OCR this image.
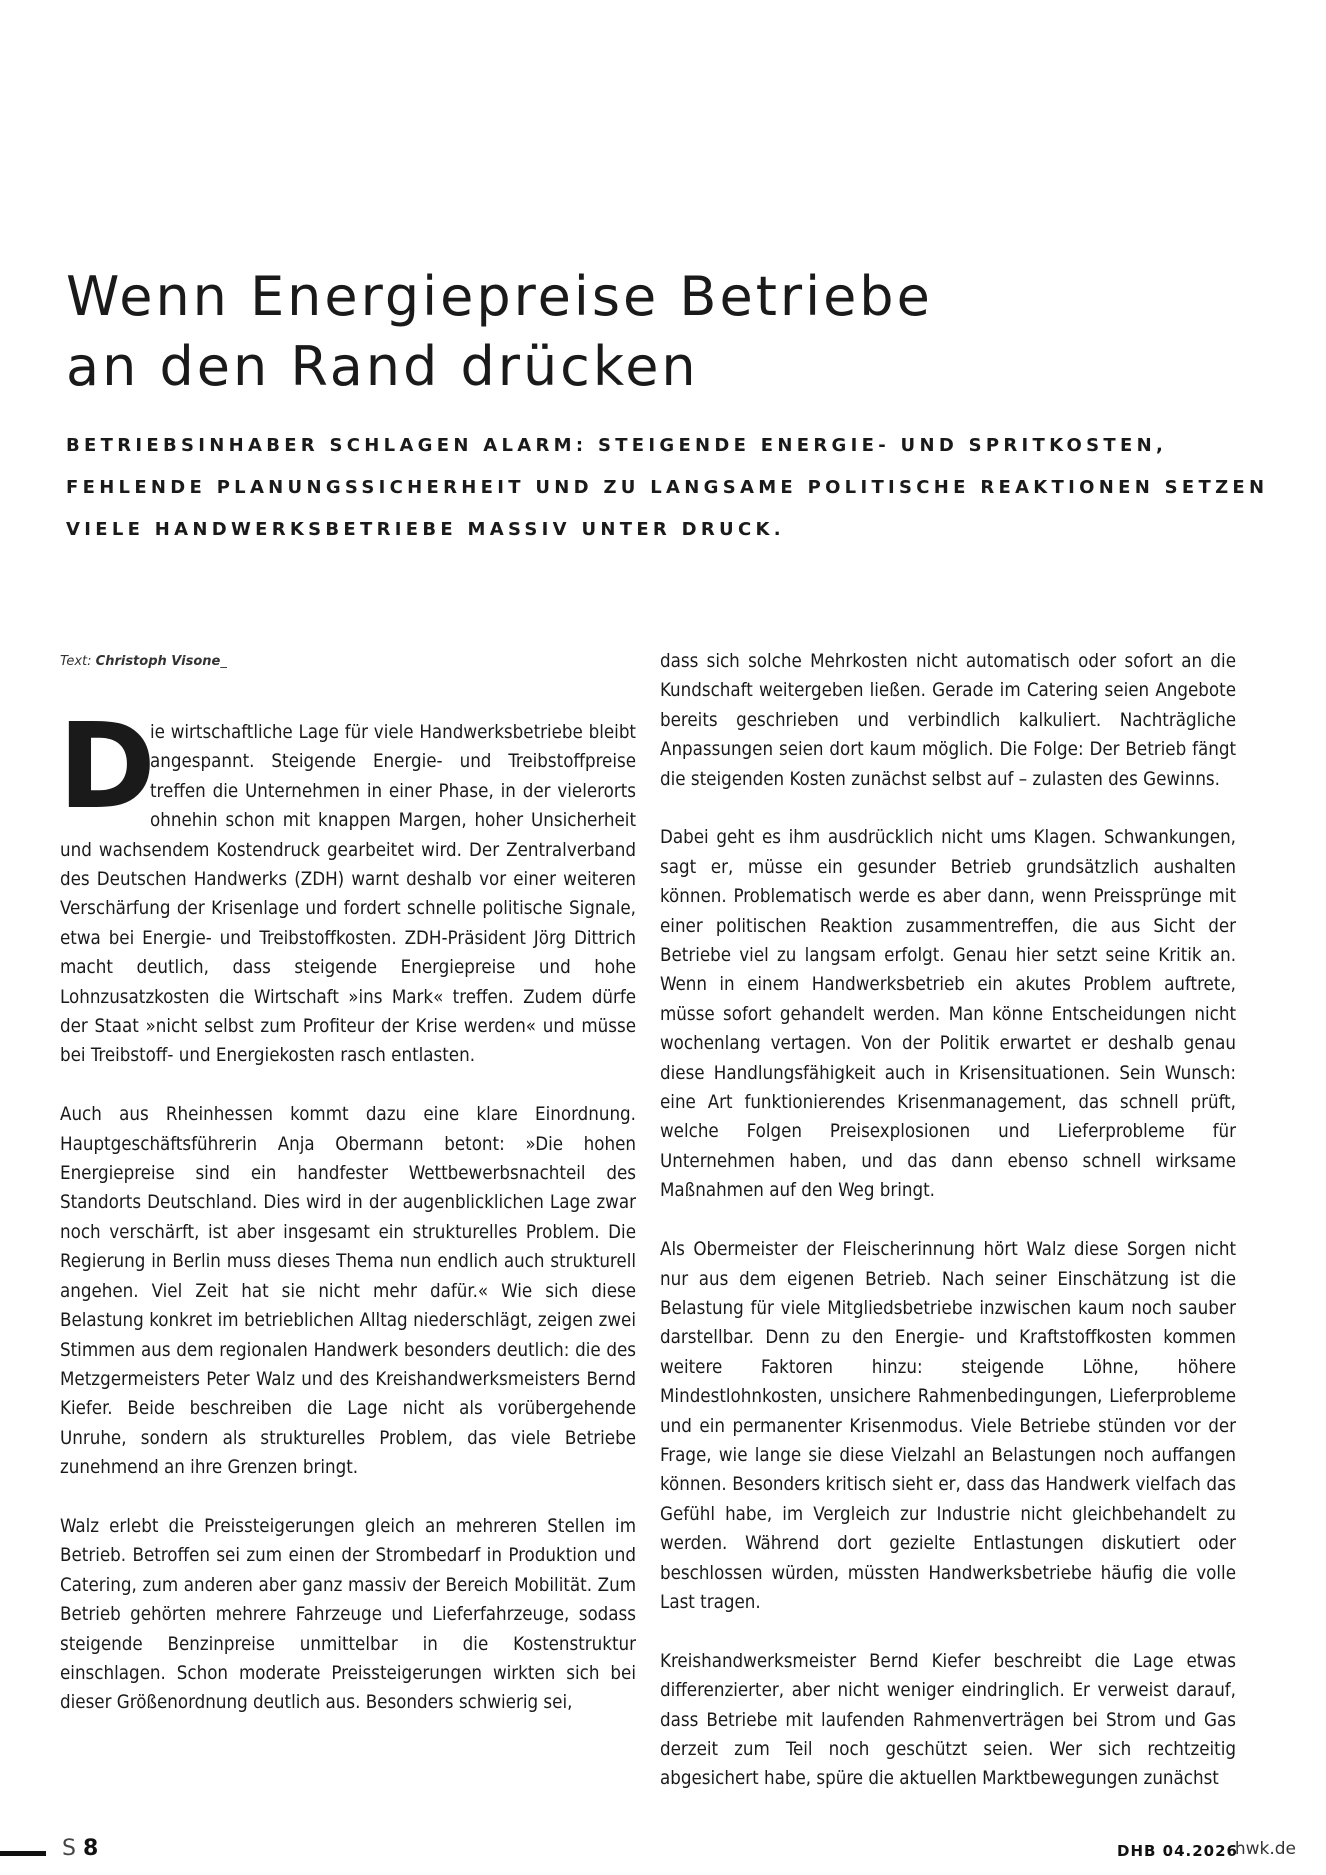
Wenn Energiepreise Betriebe
an den Rand drücken
BETRIEBSINHABER SCHLAGEN ALARM: STEIGENDE ENERGIE- UND SPRITKOSTEN,
FEHLENDE PLANUNGSSICHERHEIT UND ZU LANGSAME POLITISCHE REAKTIONEN SETZEN
VIELE HANDWERKSBETRIEBE MASSIV UNTER DRUCK.
Text: Christoph Visone_

D
ie wirtschaftliche Lage für viele Handwerksbetriebe bleibt angespannt. Steigende Energie- und Treibstoffpreise treffen die Unternehmen in einer Phase, in der vielerorts ohnehin schon mit knappen Margen, hoher Unsicherheit und wachsendem Kostendruck gearbeitet wird. Der Zentralverband des Deutschen Handwerks (ZDH) warnt deshalb vor einer weiteren Verschärfung der Krisenlage und fordert schnelle politische Signale, etwa bei Energie- und Treibstoffkosten. ZDH-Präsident Jörg Dittrich macht deutlich, dass steigende Energiepreise und hohe Lohnzusatzkosten die Wirtschaft »ins Mark« treffen. Zudem dürfe der Staat »nicht selbst zum Profiteur der Krise werden« und müsse bei Treibstoff- und Energiekosten rasch entlasten.

Auch aus Rheinhessen kommt dazu eine klare Einordnung. Hauptgeschäftsführerin Anja Obermann betont: »Die hohen Energiepreise sind ein handfester Wettbewerbsnachteil des Standorts Deutschland. Dies wird in der augenblicklichen Lage zwar noch verschärft, ist aber insgesamt ein strukturelles Problem. Die Regierung in Berlin muss dieses Thema nun endlich auch strukturell angehen. Viel Zeit hat sie nicht mehr dafür.« Wie sich diese Belastung konkret im betrieblichen Alltag niederschlägt, zeigen zwei Stimmen aus dem regionalen Handwerk besonders deutlich: die des Metzgermeisters Peter Walz und des Kreishandwerksmeisters Bernd Kiefer. Beide beschreiben die Lage nicht als vorübergehende Unruhe, sondern als strukturelles Problem, das viele Betriebe zunehmend an ihre Grenzen bringt.

Walz erlebt die Preissteigerungen gleich an mehreren Stellen im Betrieb. Betroffen sei zum einen der Strombedarf in Produktion und Catering, zum anderen aber ganz massiv der Bereich Mobilität. Zum Betrieb gehörten mehrere Fahrzeuge und Lieferfahrzeuge, sodass steigende Benzinpreise unmittelbar in die Kostenstruktur einschlagen. Schon moderate Preissteigerungen wirkten sich bei dieser Größenordnung deutlich aus. Besonders schwierig sei,

dass sich solche Mehrkosten nicht automatisch oder sofort an die Kundschaft weitergeben ließen. Gerade im Catering seien Angebote bereits geschrieben und verbindlich kalkuliert. Nachträgliche Anpassungen seien dort kaum möglich. Die Folge: Der Betrieb fängt die steigenden Kosten zunächst selbst auf – zulasten des Gewinns.

Dabei geht es ihm ausdrücklich nicht ums Klagen. Schwankungen, sagt er, müsse ein gesunder Betrieb grundsätzlich aushalten können. Problematisch werde es aber dann, wenn Preissprünge mit einer politischen Reaktion zusammentreffen, die aus Sicht der Betriebe viel zu langsam erfolgt. Genau hier setzt seine Kritik an. Wenn in einem Handwerksbetrieb ein akutes Problem auftrete, müsse sofort gehandelt werden. Man könne Entscheidungen nicht wochenlang vertagen. Von der Politik erwartet er deshalb genau diese Handlungsfähigkeit auch in Krisensituationen. Sein Wunsch: eine Art funktionierendes Krisenmanagement, das schnell prüft, welche Folgen Preisexplosionen und Lieferprobleme für Unternehmen haben, und das dann ebenso schnell wirksame Maßnahmen auf den Weg bringt.

Als Obermeister der Fleischerinnung hört Walz diese Sorgen nicht nur aus dem eigenen Betrieb. Nach seiner Einschätzung ist die Belastung für viele Mitgliedsbetriebe inzwischen kaum noch sauber darstellbar. Denn zu den Energie- und Kraftstoffkosten kommen weitere Faktoren hinzu: steigende Löhne, höhere Mindestlohnkosten, unsichere Rahmenbedingungen, Lieferprobleme und ein permanenter Krisenmodus. Viele Betriebe stünden vor der Frage, wie lange sie diese Vielzahl an Belastungen noch auffangen können. Besonders kritisch sieht er, dass das Handwerk vielfach das Gefühl habe, im Vergleich zur Industrie nicht gleichbehandelt zu werden. Während dort gezielte Entlastungen diskutiert oder beschlossen würden, müssten Handwerksbetriebe häufig die volle Last tragen.

Kreishandwerksmeister Bernd Kiefer beschreibt die Lage etwas differenzierter, aber nicht weniger eindringlich. Er verweist darauf, dass Betriebe mit laufenden Rahmenverträgen bei Strom und Gas derzeit zum Teil noch geschützt seien. Wer sich rechtzeitig abgesichert habe, spüre die aktuellen Marktbewegungen zunächst

S 8	DHB 04.2026
hwk.de
